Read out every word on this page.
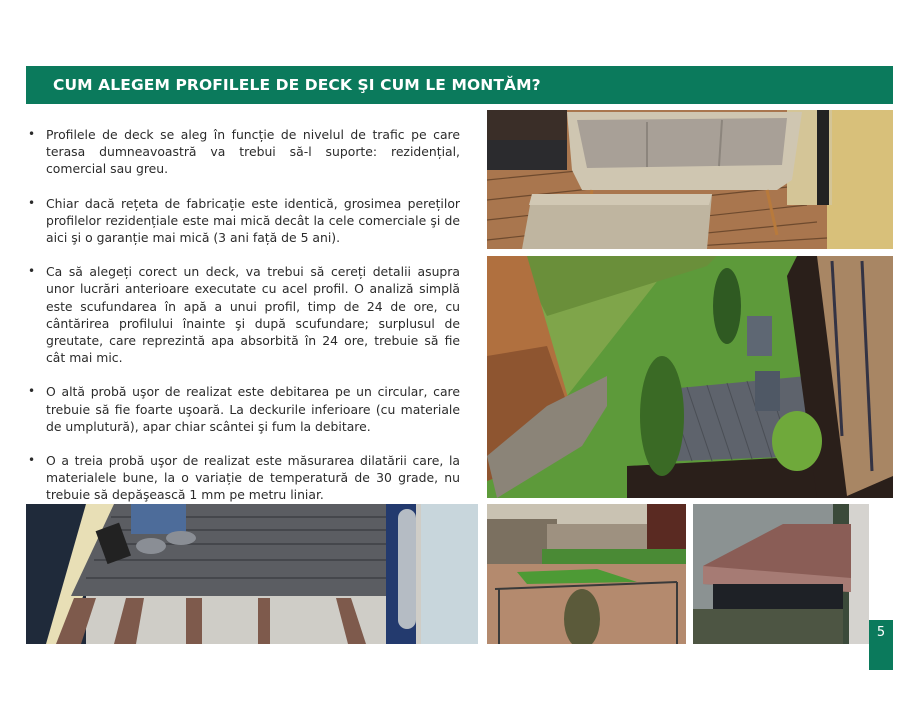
CUM ALEGEM PROFILELE DE DECK ŞI CUM LE MONTĂM?
• Profilele de deck se aleg în funcție de nivelul de trafic pe care terasa dumneavoastră va trebui să-l suporte: rezidențial, comercial sau greu.
• Chiar dacă rețeta de fabricație este identică, grosimea pereților profilelor rezidențiale este mai mică decât la cele comerciale şi de aici şi o garanție mai mică (3 ani față de 5 ani).
• Ca să alegeți corect un deck, va trebui să cereți detalii asupra unor lucrări anterioare executate cu acel profil. O analiză simplă este scufundarea în apă a unui profil, timp de 24 de ore, cu cântărirea profilului înainte şi după scufundare; surplusul de greutate, care reprezintă apa absorbită în 24 ore, trebuie să fie cât mai mic.
• O altă probă uşor de realizat este debitarea pe un circular, care trebuie să fie foarte uşoară. La deckurile inferioare (cu materiale de umplutură), apar chiar scântei şi fum la debitare.
• O a treia probă uşor de realizat este măsurarea dilatării care, la materialele bune, la o variație de temperatură de 30 grade, nu trebuie să depăşească 1 mm pe metru liniar.
5
